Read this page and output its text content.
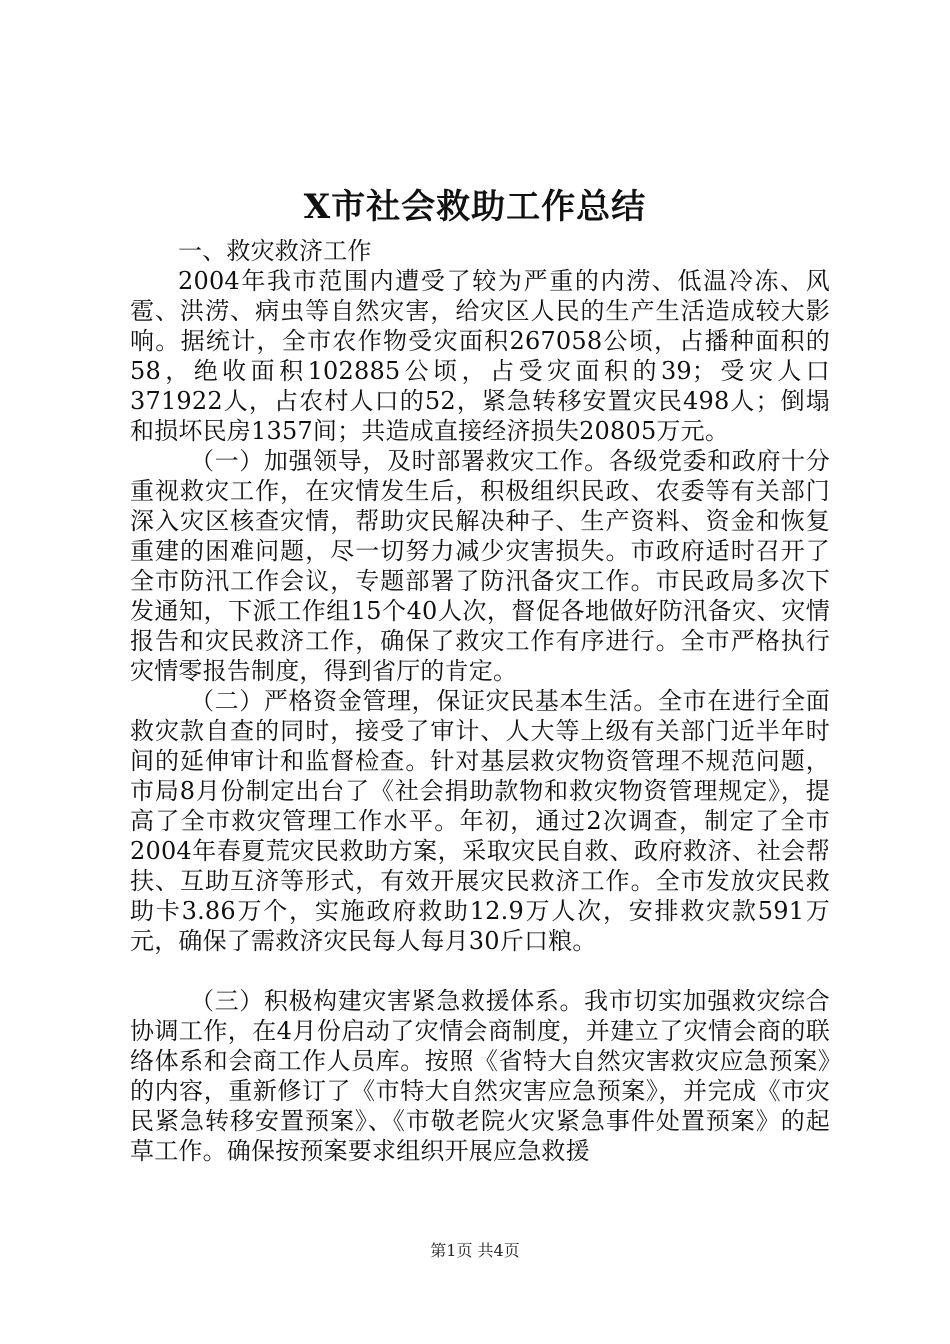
X市社会救助工作总结

一、救灾救济工作

2004年我市范围内遭受了较为严重的内涝、低温冷冻、风雹、洪涝、病虫等自然灾害，给灾区人民的生产生活造成较大影响。据统计，全市农作物受灾面积267058公顷，占播种面积的58，绝收面积102885公顷，占受灾面积的39；受灾人口371922人，占农村人口的52，紧急转移安置灾民498人；倒塌和损坏民房1357间；共造成直接经济损失20805万元。

（一）加强领导，及时部署救灾工作。各级党委和政府十分重视救灾工作，在灾情发生后，积极组织民政、农委等有关部门深入灾区核查灾情，帮助灾民解决种子、生产资料、资金和恢复重建的困难问题，尽一切努力减少灾害损失。市政府适时召开了全市防汛工作会议，专题部署了防汛备灾工作。市民政局多次下发通知，下派工作组15个40人次，督促各地做好防汛备灾、灾情报告和灾民救济工作，确保了救灾工作有序进行。全市严格执行灾情零报告制度，得到省厅的肯定。

（二）严格资金管理，保证灾民基本生活。全市在进行全面救灾款自查的同时，接受了审计、人大等上级有关部门近半年时间的延伸审计和监督检查。针对基层救灾物资管理不规范问题，市局8月份制定出台了《社会捐助款物和救灾物资管理规定》，提高了全市救灾管理工作水平。年初，通过2次调查，制定了全市2004年春夏荒灾民救助方案，采取灾民自救、政府救济、社会帮扶、互助互济等形式，有效开展灾民救济工作。全市发放灾民救助卡3.86万个，实施政府救助12.9万人次，安排救灾款591万元，确保了需救济灾民每人每月30斤口粮。

（三）积极构建灾害紧急救援体系。我市切实加强救灾综合协调工作，在4月份启动了灾情会商制度，并建立了灾情会商的联络体系和会商工作人员库。按照《省特大自然灾害救灾应急预案》的内容，重新修订了《市特大自然灾害应急预案》，并完成《市灾民紧急转移安置预案》、《市敬老院火灾紧急事件处置预案》的起草工作。确保按预案要求组织开展应急救援

第1页 共4页
